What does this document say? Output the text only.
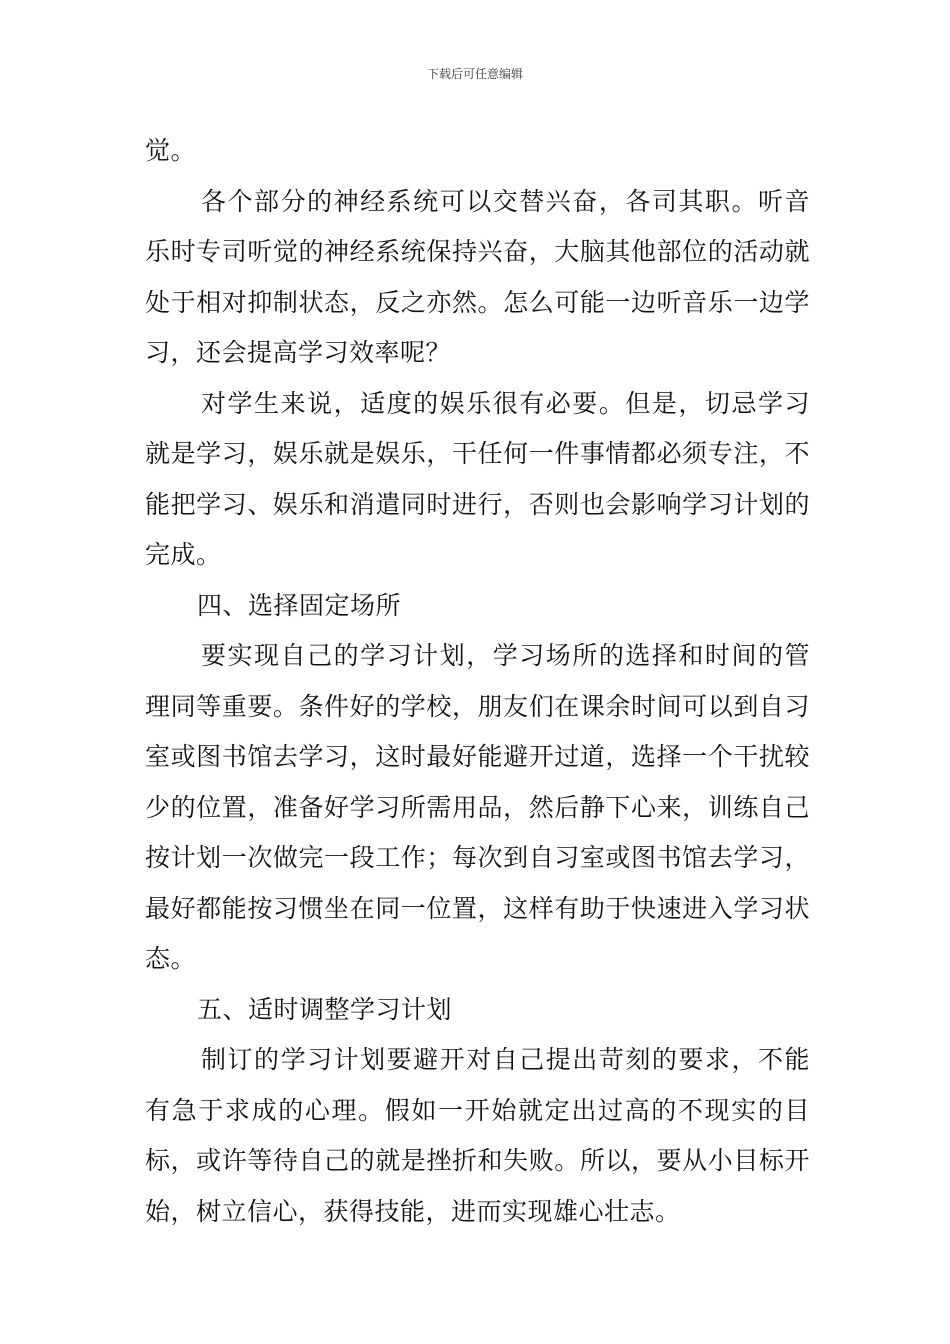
下载后可任意编辑

觉。

各个部分的神经系统可以交替兴奋，各司其职。听音乐时专司听觉的神经系统保持兴奋，大脑其他部位的活动就处于相对抑制状态，反之亦然。怎么可能一边听音乐一边学习，还会提高学习效率呢？

对学生来说，适度的娱乐很有必要。但是，切忌学习就是学习，娱乐就是娱乐，干任何一件事情都必须专注，不能把学习、娱乐和消遣同时进行，否则也会影响学习计划的完成。

四、选择固定场所

要实现自己的学习计划，学习场所的选择和时间的管理同等重要。条件好的学校，朋友们在课余时间可以到自习室或图书馆去学习，这时最好能避开过道，选择一个干扰较少的位置，准备好学习所需用品，然后静下心来，训练自己按计划一次做完一段工作；每次到自习室或图书馆去学习，最好都能按习惯坐在同一位置，这样有助于快速进入学习状态。

五、适时调整学习计划

制订的学习计划要避开对自己提出苛刻的要求，不能有急于求成的心理。假如一开始就定出过高的不现实的目标，或许等待自己的就是挫折和失败。所以，要从小目标开始，树立信心，获得技能，进而实现雄心壮志。
